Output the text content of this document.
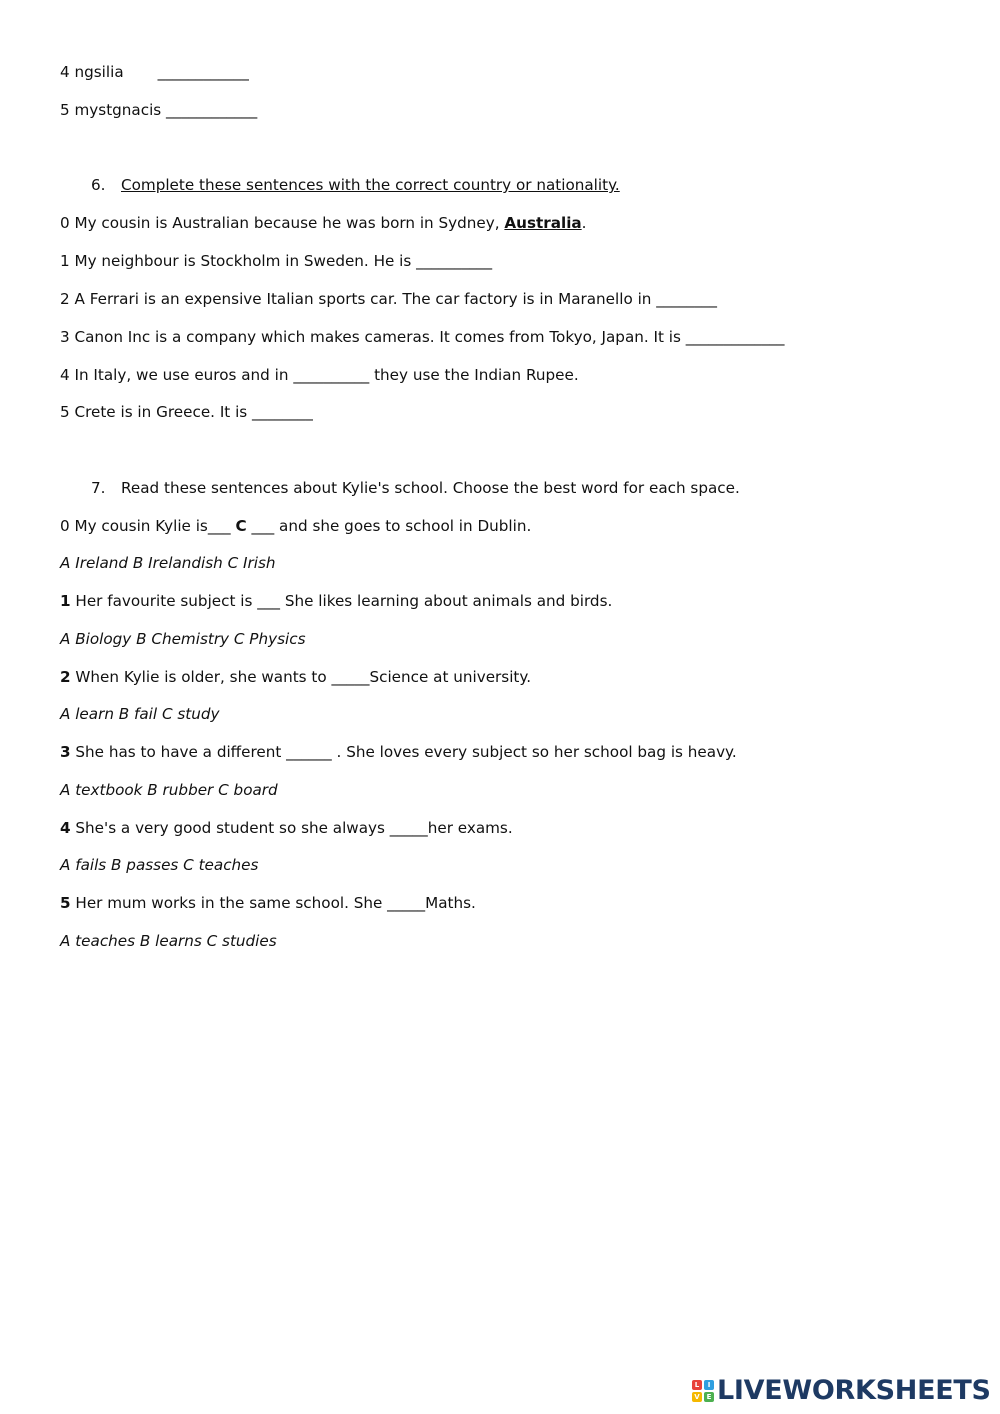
4 ngsilia ____________
5 mystgnacis ____________
6. Complete these sentences with the correct country or nationality.
0 My cousin is Australian because he was born in Sydney, Australia.
1 My neighbour is Stockholm in Sweden. He is __________
2 A Ferrari is an expensive Italian sports car. The car factory is in Maranello in ________
3 Canon Inc is a company which makes cameras. It comes from Tokyo, Japan. It is _____________
4 In Italy, we use euros and in __________ they use the Indian Rupee.
5 Crete is in Greece. It is ________
7. Read these sentences about Kylie's school. Choose the best word for each space.
0 My cousin Kylie is___ C ___ and she goes to school in Dublin.
A Ireland B Irelandish C Irish
1 Her favourite subject is ___ She likes learning about animals and birds.
A Biology B Chemistry C Physics
2 When Kylie is older, she wants to _____Science at university.
A learn B fail C study
3 She has to have a different ______ . She loves every subject so her school bag is heavy.
A textbook B rubber C board
4 She's a very good student so she always _____her exams.
A fails B passes C teaches
5 Her mum works in the same school. She _____Maths.
A teaches B learns C studies
L	I
V E LIVEWORKSHEETS
